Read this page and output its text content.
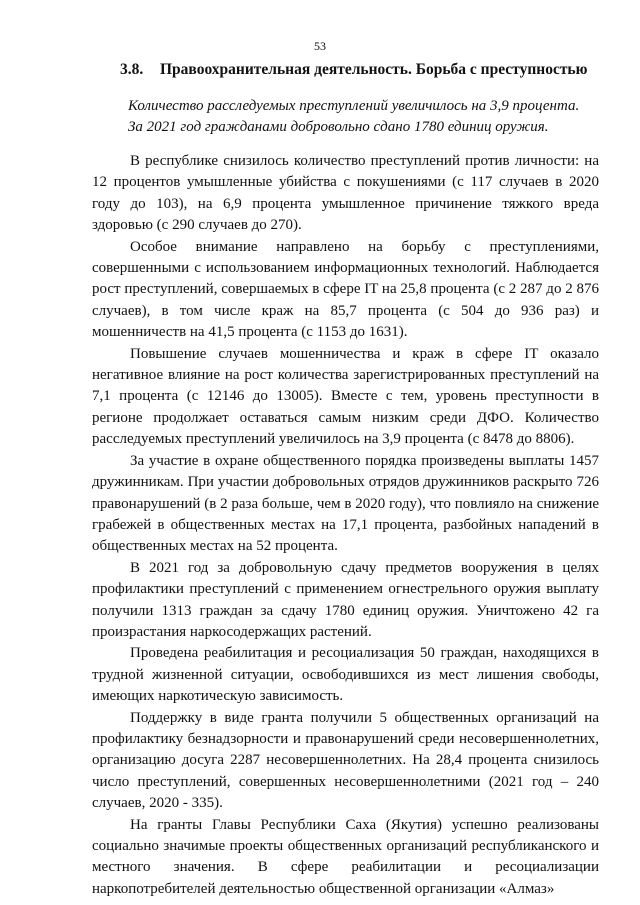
53
3.8. Правоохранительная деятельность. Борьба с преступностью

Количество расследуемых преступлений увеличилось на 3,9 процента.

За 2021 год гражданами добровольно сдано 1780 единиц оружия.

В республике снизилось количество преступлений против личности: на 12 процентов умышленные убийства с покушениями (с 117 случаев в 2020 году до 103), на 6,9 процента умышленное причинение тяжкого вреда здоровью (с 290 случаев до 270).

Особое внимание направлено на борьбу с преступлениями, совершенными с использованием информационных технологий. Наблюдается рост преступлений, совершаемых в сфере IT на 25,8 процента (с 2 287 до 2 876 случаев), в том числе краж на 85,7 процента (с 504 до 936 раз) и мошенничеств на 41,5 процента (с 1153 до 1631).

Повышение случаев мошенничества и краж в сфере IT оказало негативное влияние на рост количества зарегистрированных преступлений на 7,1 процента (с 12146 до 13005). Вместе с тем, уровень преступности в регионе продолжает оставаться самым низким среди ДФО. Количество расследуемых преступлений увеличилось на 3,9 процента (с 8478 до 8806).

За участие в охране общественного порядка произведены выплаты 1457 дружинникам. При участии добровольных отрядов дружинников раскрыто 726 правонарушений (в 2 раза больше, чем в 2020 году), что повлияло на снижение грабежей в общественных местах на 17,1 процента, разбойных нападений в общественных местах на 52 процента.

В 2021 год за добровольную сдачу предметов вооружения в целях профилактики преступлений с применением огнестрельного оружия выплату получили 1313 граждан за сдачу 1780 единиц оружия. Уничтожено 42 га произрастания наркосодержащих растений.

Проведена реабилитация и ресоциализация 50 граждан, находящихся в трудной жизненной ситуации, освободившихся из мест лишения свободы, имеющих наркотическую зависимость.

Поддержку в виде гранта получили 5 общественных организаций на профилактику безнадзорности и правонарушений среди несовершеннолетних, организацию досуга 2287 несовершеннолетних. На 28,4 процента снизилось число преступлений, совершенных несовершеннолетними (2021 год – 240 случаев, 2020 - 335).

На гранты Главы Республики Саха (Якутия) успешно реализованы социально значимые проекты общественных организаций республиканского и местного значения. В сфере реабилитации и ресоциализации наркопотребителей деятельностью общественной организации «Алмаз»
